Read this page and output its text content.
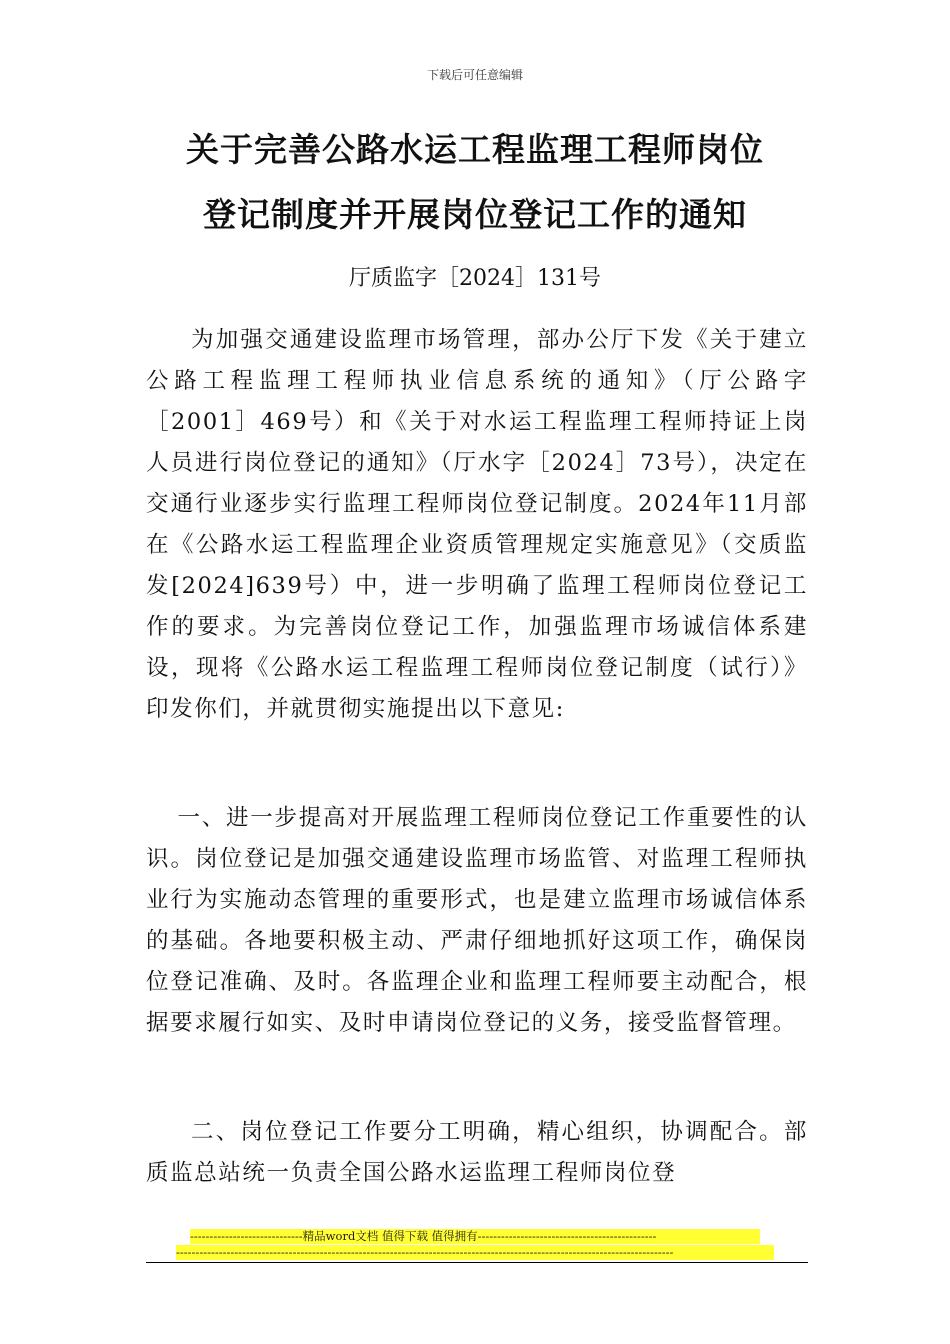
下载后可任意编辑
关于完善公路水运工程监理工程师岗位
登记制度并开展岗位登记工作的通知
厅质监字［2024］131号
为加强交通建设监理市场管理，部办公厅下发《关于建立公路工程监理工程师执业信息系统的通知》（厅公路字［2001］469号）和《关于对水运工程监理工程师持证上岗人员进行岗位登记的通知》（厅水字［2024］73号），决定在交通行业逐步实行监理工程师岗位登记制度。2024年11月部在《公路水运工程监理企业资质管理规定实施意见》（交质监发[2024]639号）中，进一步明确了监理工程师岗位登记工作的要求。为完善岗位登记工作，加强监理市场诚信体系建设，现将《公路水运工程监理工程师岗位登记制度（试行）》印发你们，并就贯彻实施提出以下意见:
一、进一步提高对开展监理工程师岗位登记工作重要性的认识。岗位登记是加强交通建设监理市场监管、对监理工程师执业行为实施动态管理的重要形式，也是建立监理市场诚信体系的基础。各地要积极主动、严肃仔细地抓好这项工作，确保岗位登记准确、及时。各监理企业和监理工程师要主动配合，根据要求履行如实、及时申请岗位登记的义务，接受监督管理。
二、岗位登记工作要分工明确，精心组织，协调配合。部质监总站统一负责全国公路水运监理工程师岗位登
-----------------------------精品word文档 值得下载 值得拥有----------------------------------------------
--------------------------------------------------------------------------------------------------------------------------------
